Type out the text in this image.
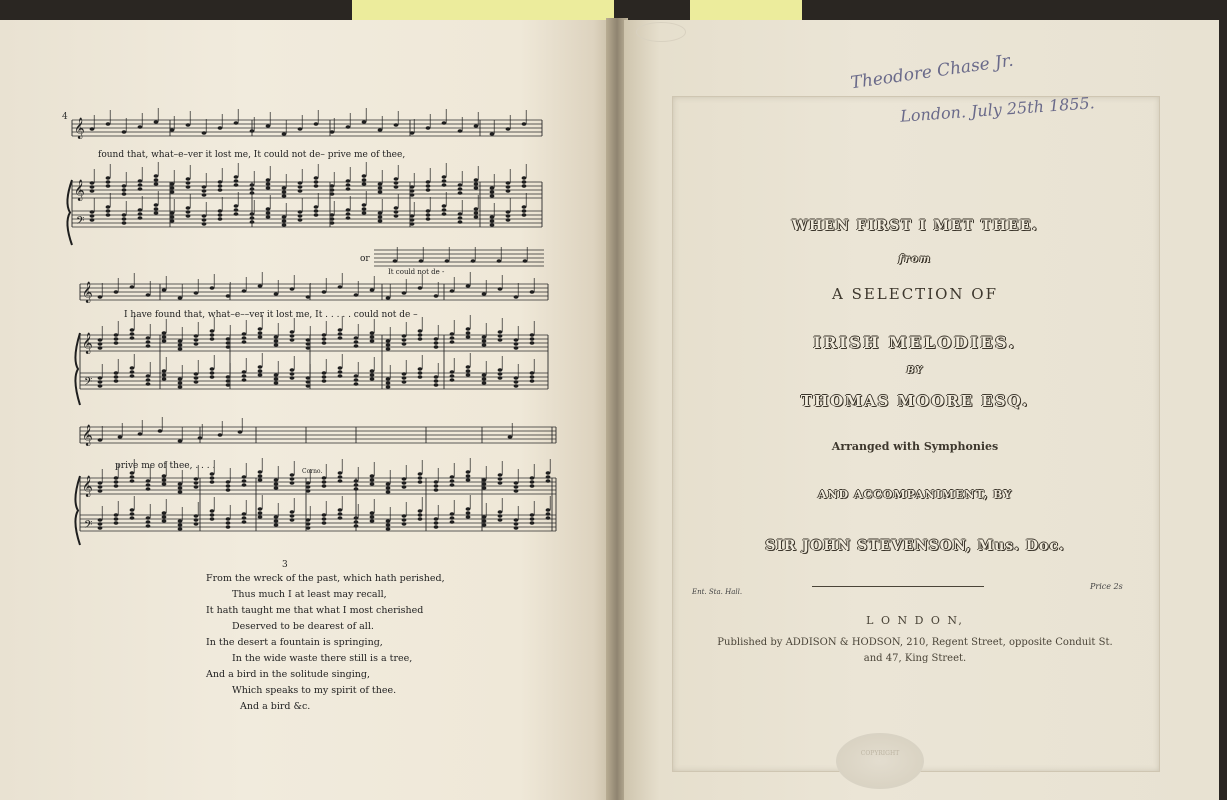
𝄞
𝄞
𝄞
𝄞
𝄞
𝄞
𝄢
𝄢
𝄢
4
found that, what–e–ver it lost me, It could not de– prive me of thee,
or
It could not de -
I have found that, what–e––ver it lost me, It . . . . . could not de –
prive me of thee, . . . .
Corno.
3
From the wreck of the past, which hath perished,
Thus much I at least may recall,
It hath taught me that what I most cherished
Deserved to be dearest of all.
In the desert a fountain is springing,
In the wide waste there still is a tree,
And a bird in the solitude singing,
Which speaks to my spirit of thee.
And a bird &c.
Theodore Chase Jr.
London. July 25th 1855.
WHEN FIRST I MET THEE.
from
A SELECTION OF
IRISH MELODIES.
BY
THOMAS MOORE ESQ.
Arranged with Symphonies
AND ACCOMPANIMENT, BY
SIR JOHN STEVENSON, Mus. Doc.
Ent. Sta. Hall.
Price 2s
L O N D O N,
Published by ADDISON & HODSON, 210, Regent Street, opposite Conduit St.
and 47, King Street.
COPYRIGHT
